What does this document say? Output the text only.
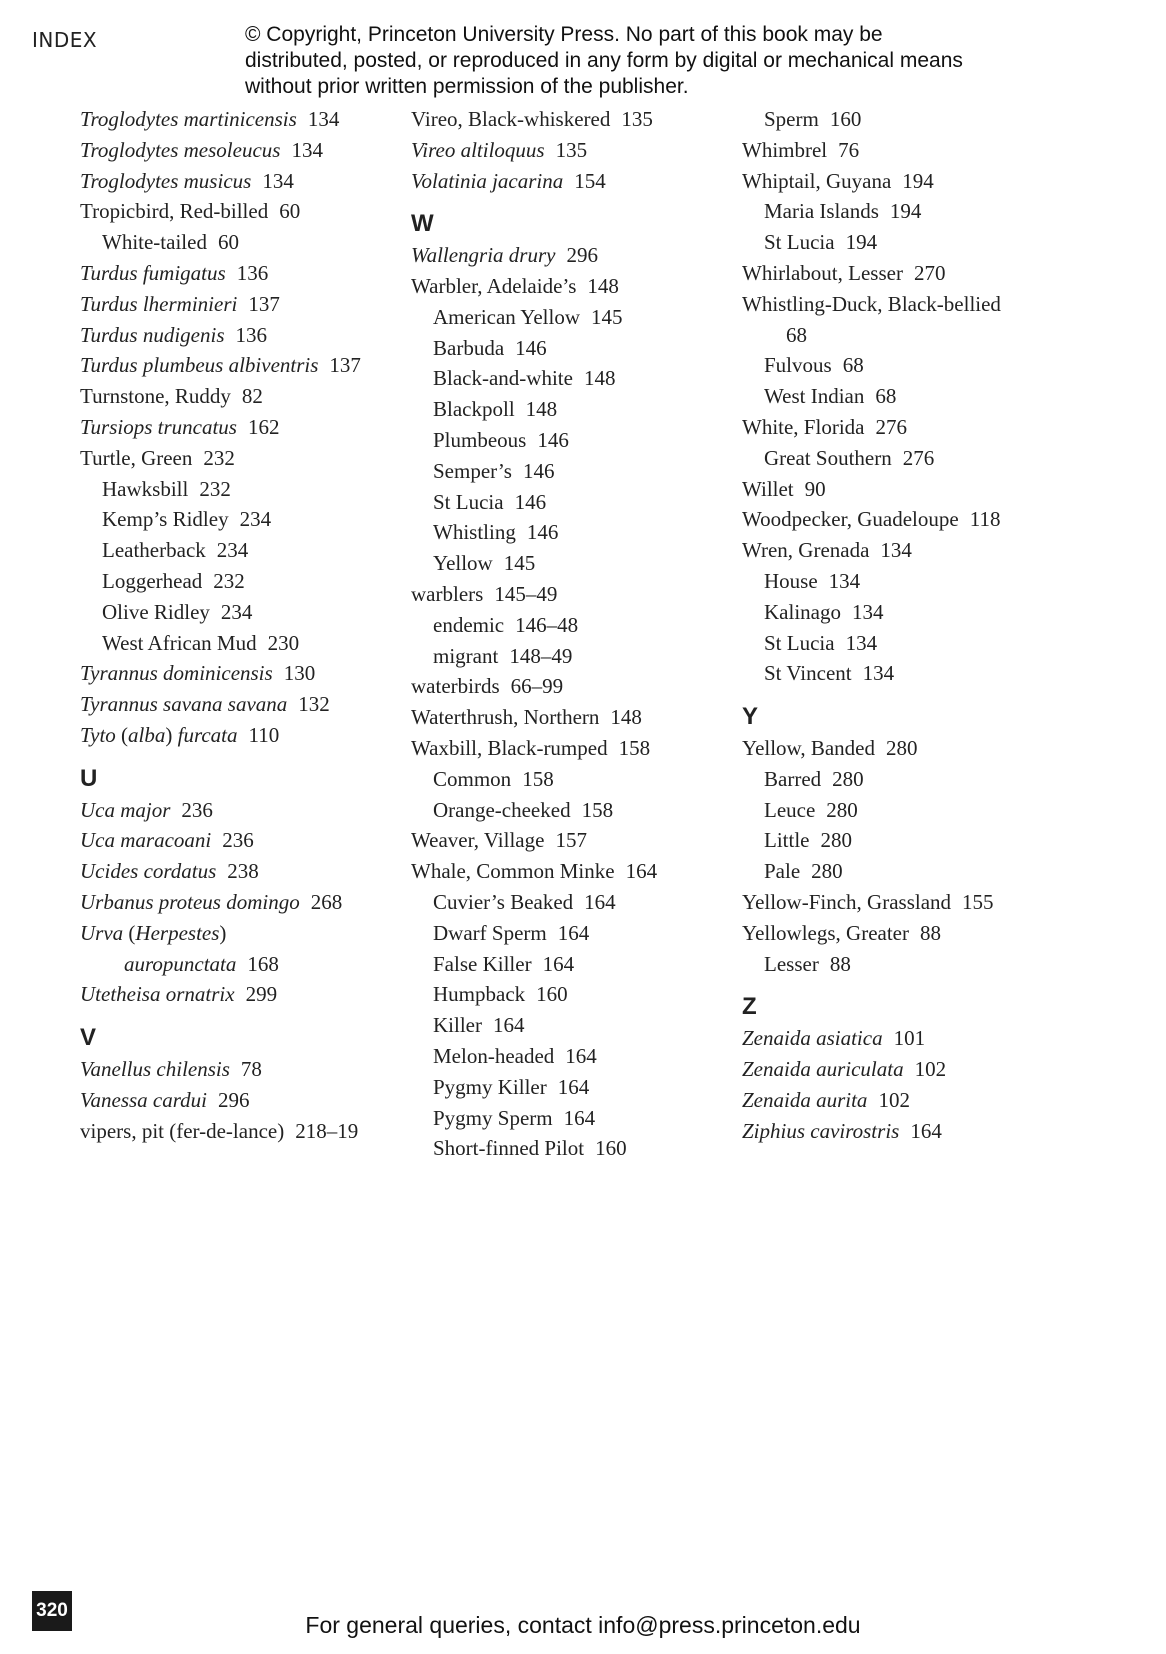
INDEX	© Copyright, Princeton University Press. No part of this book may be distributed, posted, or reproduced in any form by digital or mechanical means without prior written permission of the publisher.
Troglodytes martinicensis 134
Troglodytes mesoleucus 134
Troglodytes musicus 134
Tropicbird, Red-billed 60
White-tailed 60
Turdus fumigatus 136
Turdus lherminieri 137
Turdus nudigenis 136
Turdus plumbeus albiventris 137
Turnstone, Ruddy 82
Tursiops truncatus 162
Turtle, Green 232
Hawksbill 232
Kemp’s Ridley 234
Leatherback 234
Loggerhead 232
Olive Ridley 234
West African Mud 230
Tyrannus dominicensis 130
Tyrannus savana savana 132
Tyto (alba) furcata 110
U
Uca major 236
Uca maracoani 236
Ucides cordatus 238
Urbanus proteus domingo 268
Urva (Herpestes)
auropunctata 168
Utetheisa ornatrix 299
V
Vanellus chilensis 78
Vanessa cardui 296
vipers, pit (fer-de-lance) 218–19
Vireo, Black-whiskered 135
Vireo altiloquus 135
Volatinia jacarina 154
W
Wallengria drury 296
Warbler, Adelaide’s 148
American Yellow 145
Barbuda 146
Black-and-white 148
Blackpoll 148
Plumbeous 146
Semper’s 146
St Lucia 146
Whistling 146
Yellow 145
warblers 145–49
endemic 146–48
migrant 148–49
waterbirds 66–99
Waterthrush, Northern 148
Waxbill, Black-rumped 158
Common 158
Orange-cheeked 158
Weaver, Village 157
Whale, Common Minke 164
Cuvier’s Beaked 164
Dwarf Sperm 164
False Killer 164
Humpback 160
Killer 164
Melon-headed 164
Pygmy Killer 164
Pygmy Sperm 164
Short-finned Pilot 160
Sperm 160
Whimbrel 76
Whiptail, Guyana 194
Maria Islands 194
St Lucia 194
Whirlabout, Lesser 270
Whistling-Duck, Black-bellied
68
Fulvous 68
West Indian 68
White, Florida 276
Great Southern 276
Willet 90
Woodpecker, Guadeloupe 118
Wren, Grenada 134
House 134
Kalinago 134
St Lucia 134
St Vincent 134
Y
Yellow, Banded 280
Barred 280
Leuce 280
Little 280
Pale 280
Yellow-Finch, Grassland 155
Yellowlegs, Greater 88
Lesser 88
Z
Zenaida asiatica 101
Zenaida auriculata 102
Zenaida aurita 102
Ziphius cavirostris 164
320
For general queries, contact info@press.princeton.edu
